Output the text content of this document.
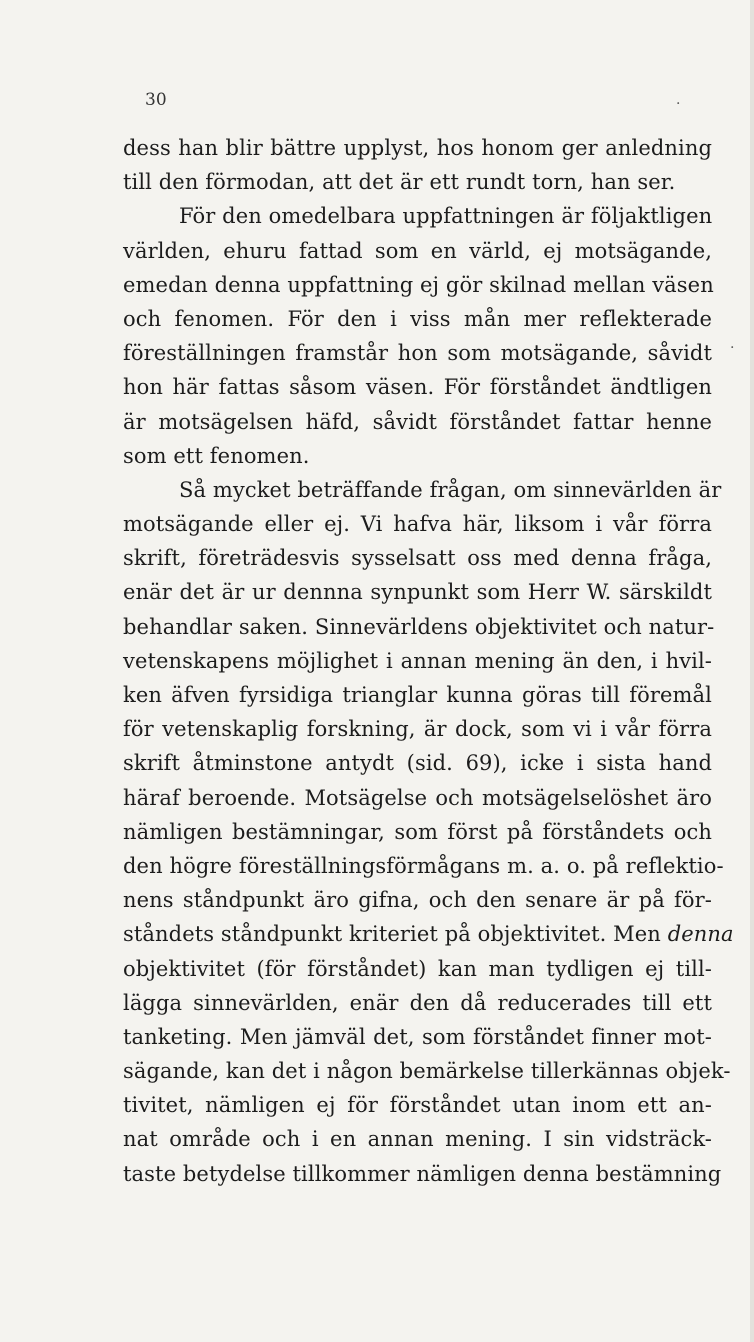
30	·
.
dess han blir bättre upplyst, hos honom ger anledning
till den förmodan, att det är ett rundt torn, han ser.
För den omedelbara uppfattningen är följaktligen
världen, ehuru fattad som en värld, ej motsägande,
emedan denna uppfattning ej gör skilnad mellan väsen
och fenomen. För den i viss mån mer reflekterade
föreställningen framstår hon som motsägande, såvidt
hon här fattas såsom väsen. För förståndet ändtligen
är motsägelsen häfd, såvidt förståndet fattar henne
som ett fenomen.
Så mycket beträffande frågan, om sinnevärlden är
motsägande eller ej. Vi hafva här, liksom i vår förra
skrift, företrädesvis sysselsatt oss med denna fråga,
enär det är ur dennna synpunkt som Herr W. särskildt
behandlar saken. Sinnevärldens objektivitet och natur-
vetenskapens möjlighet i annan mening än den, i hvil-
ken äfven fyrsidiga trianglar kunna göras till föremål
för vetenskaplig forskning, är dock, som vi i vår förra
skrift åtminstone antydt (sid. 69), icke i sista hand
häraf beroende. Motsägelse och motsägelselöshet äro
nämligen bestämningar, som först på förståndets och
den högre föreställningsförmågans m. a. o. på reflektio-
nens ståndpunkt äro gifna, och den senare är på för-
ståndets ståndpunkt kriteriet på objektivitet. Men denna
objektivitet (för förståndet) kan man tydligen ej till-
lägga sinnevärlden, enär den då reducerades till ett
tanketing. Men jämväl det, som förståndet finner mot-
sägande, kan det i någon bemärkelse tillerkännas objek-
tivitet, nämligen ej för förståndet utan inom ett an-
nat område och i en annan mening. I sin vidsträck-
taste betydelse tillkommer nämligen denna bestämning
